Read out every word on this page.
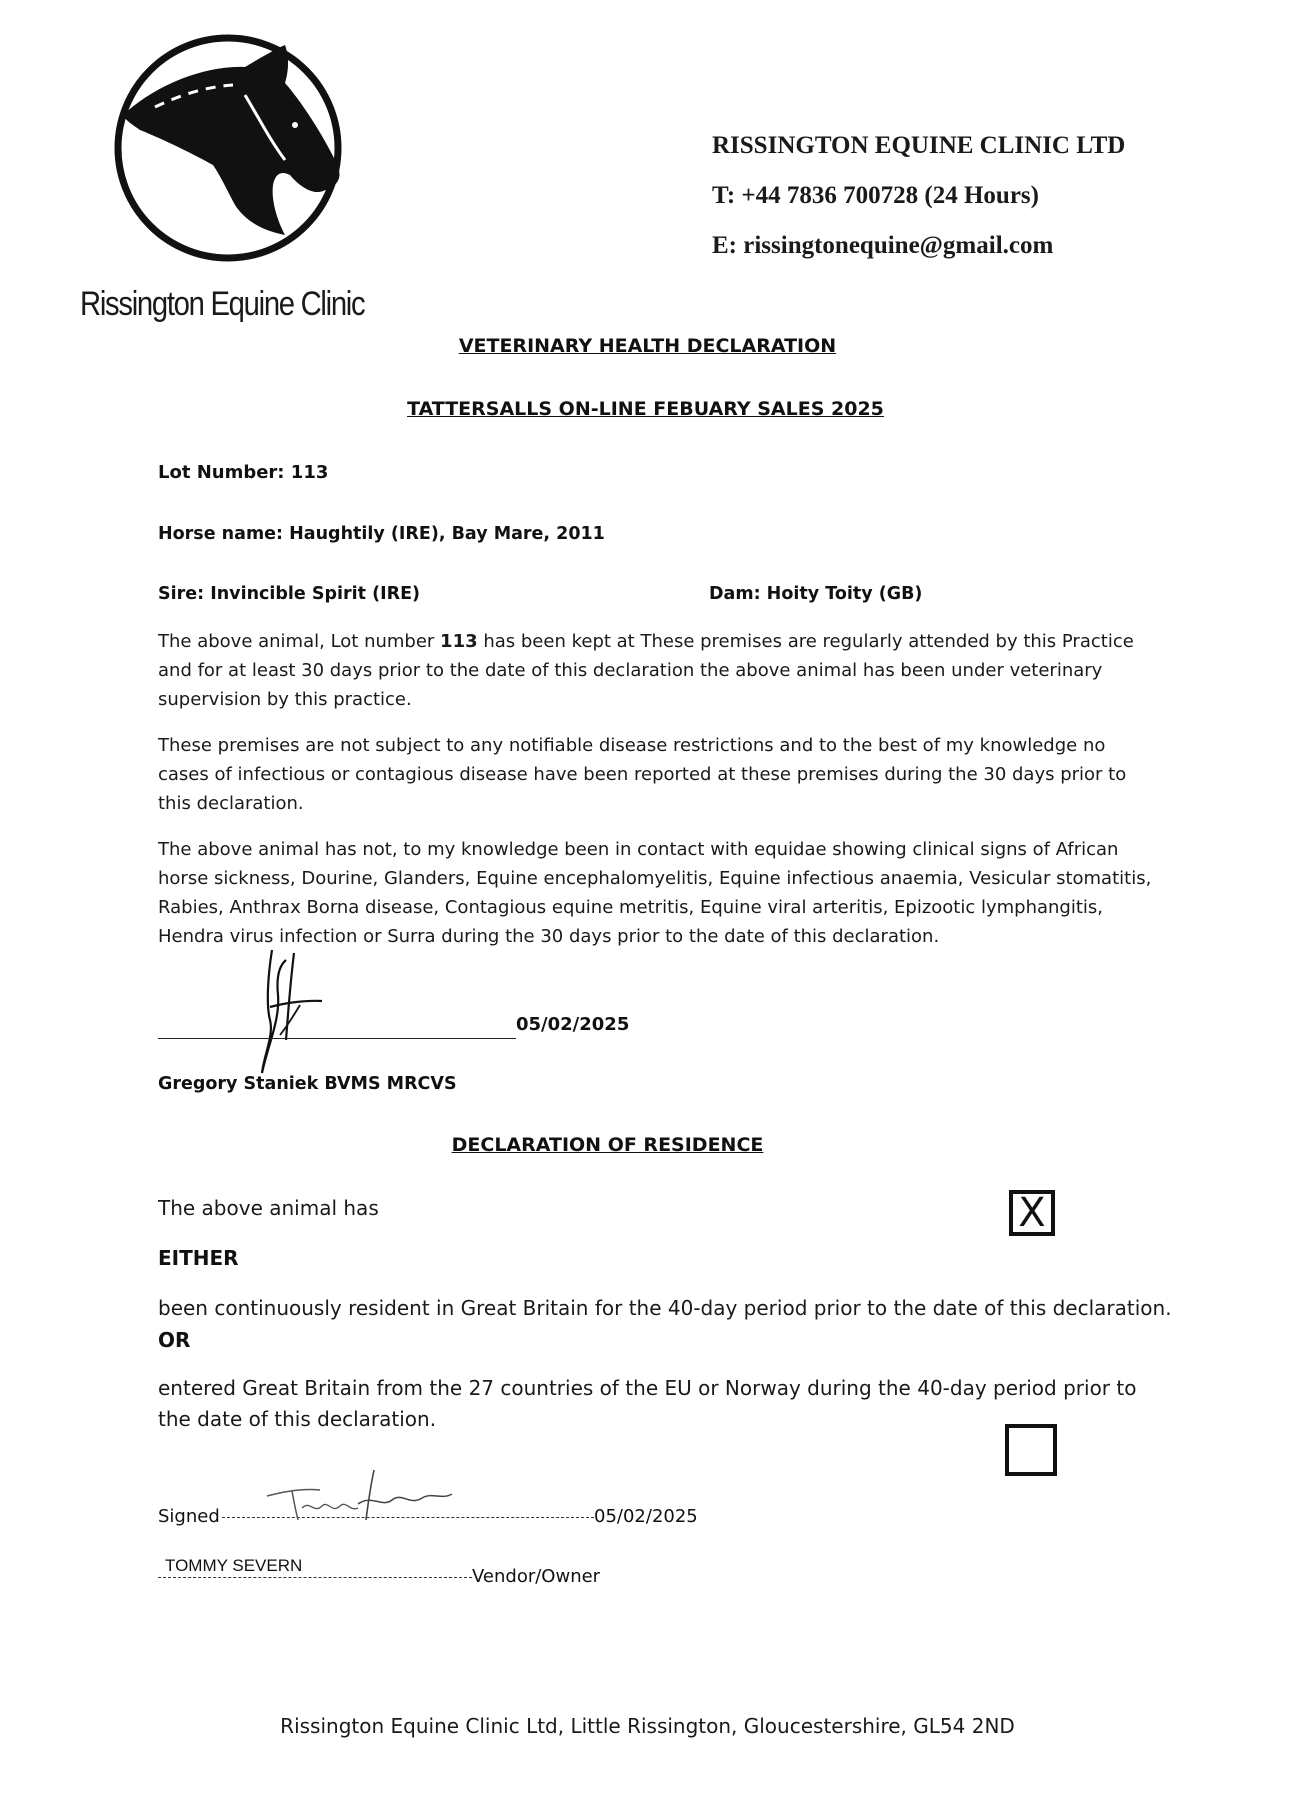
Rissington Equine Clinic
RISSINGTON EQUINE CLINIC LTD
T: +44 7836 700728 (24 Hours)
E: rissingtonequine@gmail.com
VETERINARY HEALTH DECLARATION
TATTERSALLS ON-LINE FEBUARY SALES 2025
Lot Number: 113
Horse name: Haughtily (IRE), Bay Mare, 2011
Sire: Invincible Spirit (IRE)	Dam: Hoity Toity (GB)

The above animal, Lot number 113 has been kept at These premises are regularly attended by this Practice and for at least 30 days prior to the date of this declaration the above animal has been under veterinary supervision by this practice.

These premises are not subject to any notifiable disease restrictions and to the best of my knowledge no cases of infectious or contagious disease have been reported at these premises during the 30 days prior to this declaration.

The above animal has not, to my knowledge been in contact with equidae showing clinical signs of African horse sickness, Dourine, Glanders, Equine encephalomyelitis, Equine infectious anaemia, Vesicular stomatitis, Rabies, Anthrax Borna disease, Contagious equine metritis, Equine viral arteritis, Epizootic lymphangitis, Hendra virus infection or Surra during the 30 days prior to the date of this declaration.

05/02/2025
Gregory Staniek BVMS MRCVS
DECLARATION OF RESIDENCE
The above animal has	X
EITHER
been continuously resident in Great Britain for the 40-day period prior to the date of this declaration.
OR
entered Great Britain from the 27 countries of the EU or Norway during the 40-day period prior to
the date of this declaration.
Signed	05/02/2025
TOMMY SEVERN
Vendor/Owner
Rissington Equine Clinic Ltd, Little Rissington, Gloucestershire, GL54 2ND
